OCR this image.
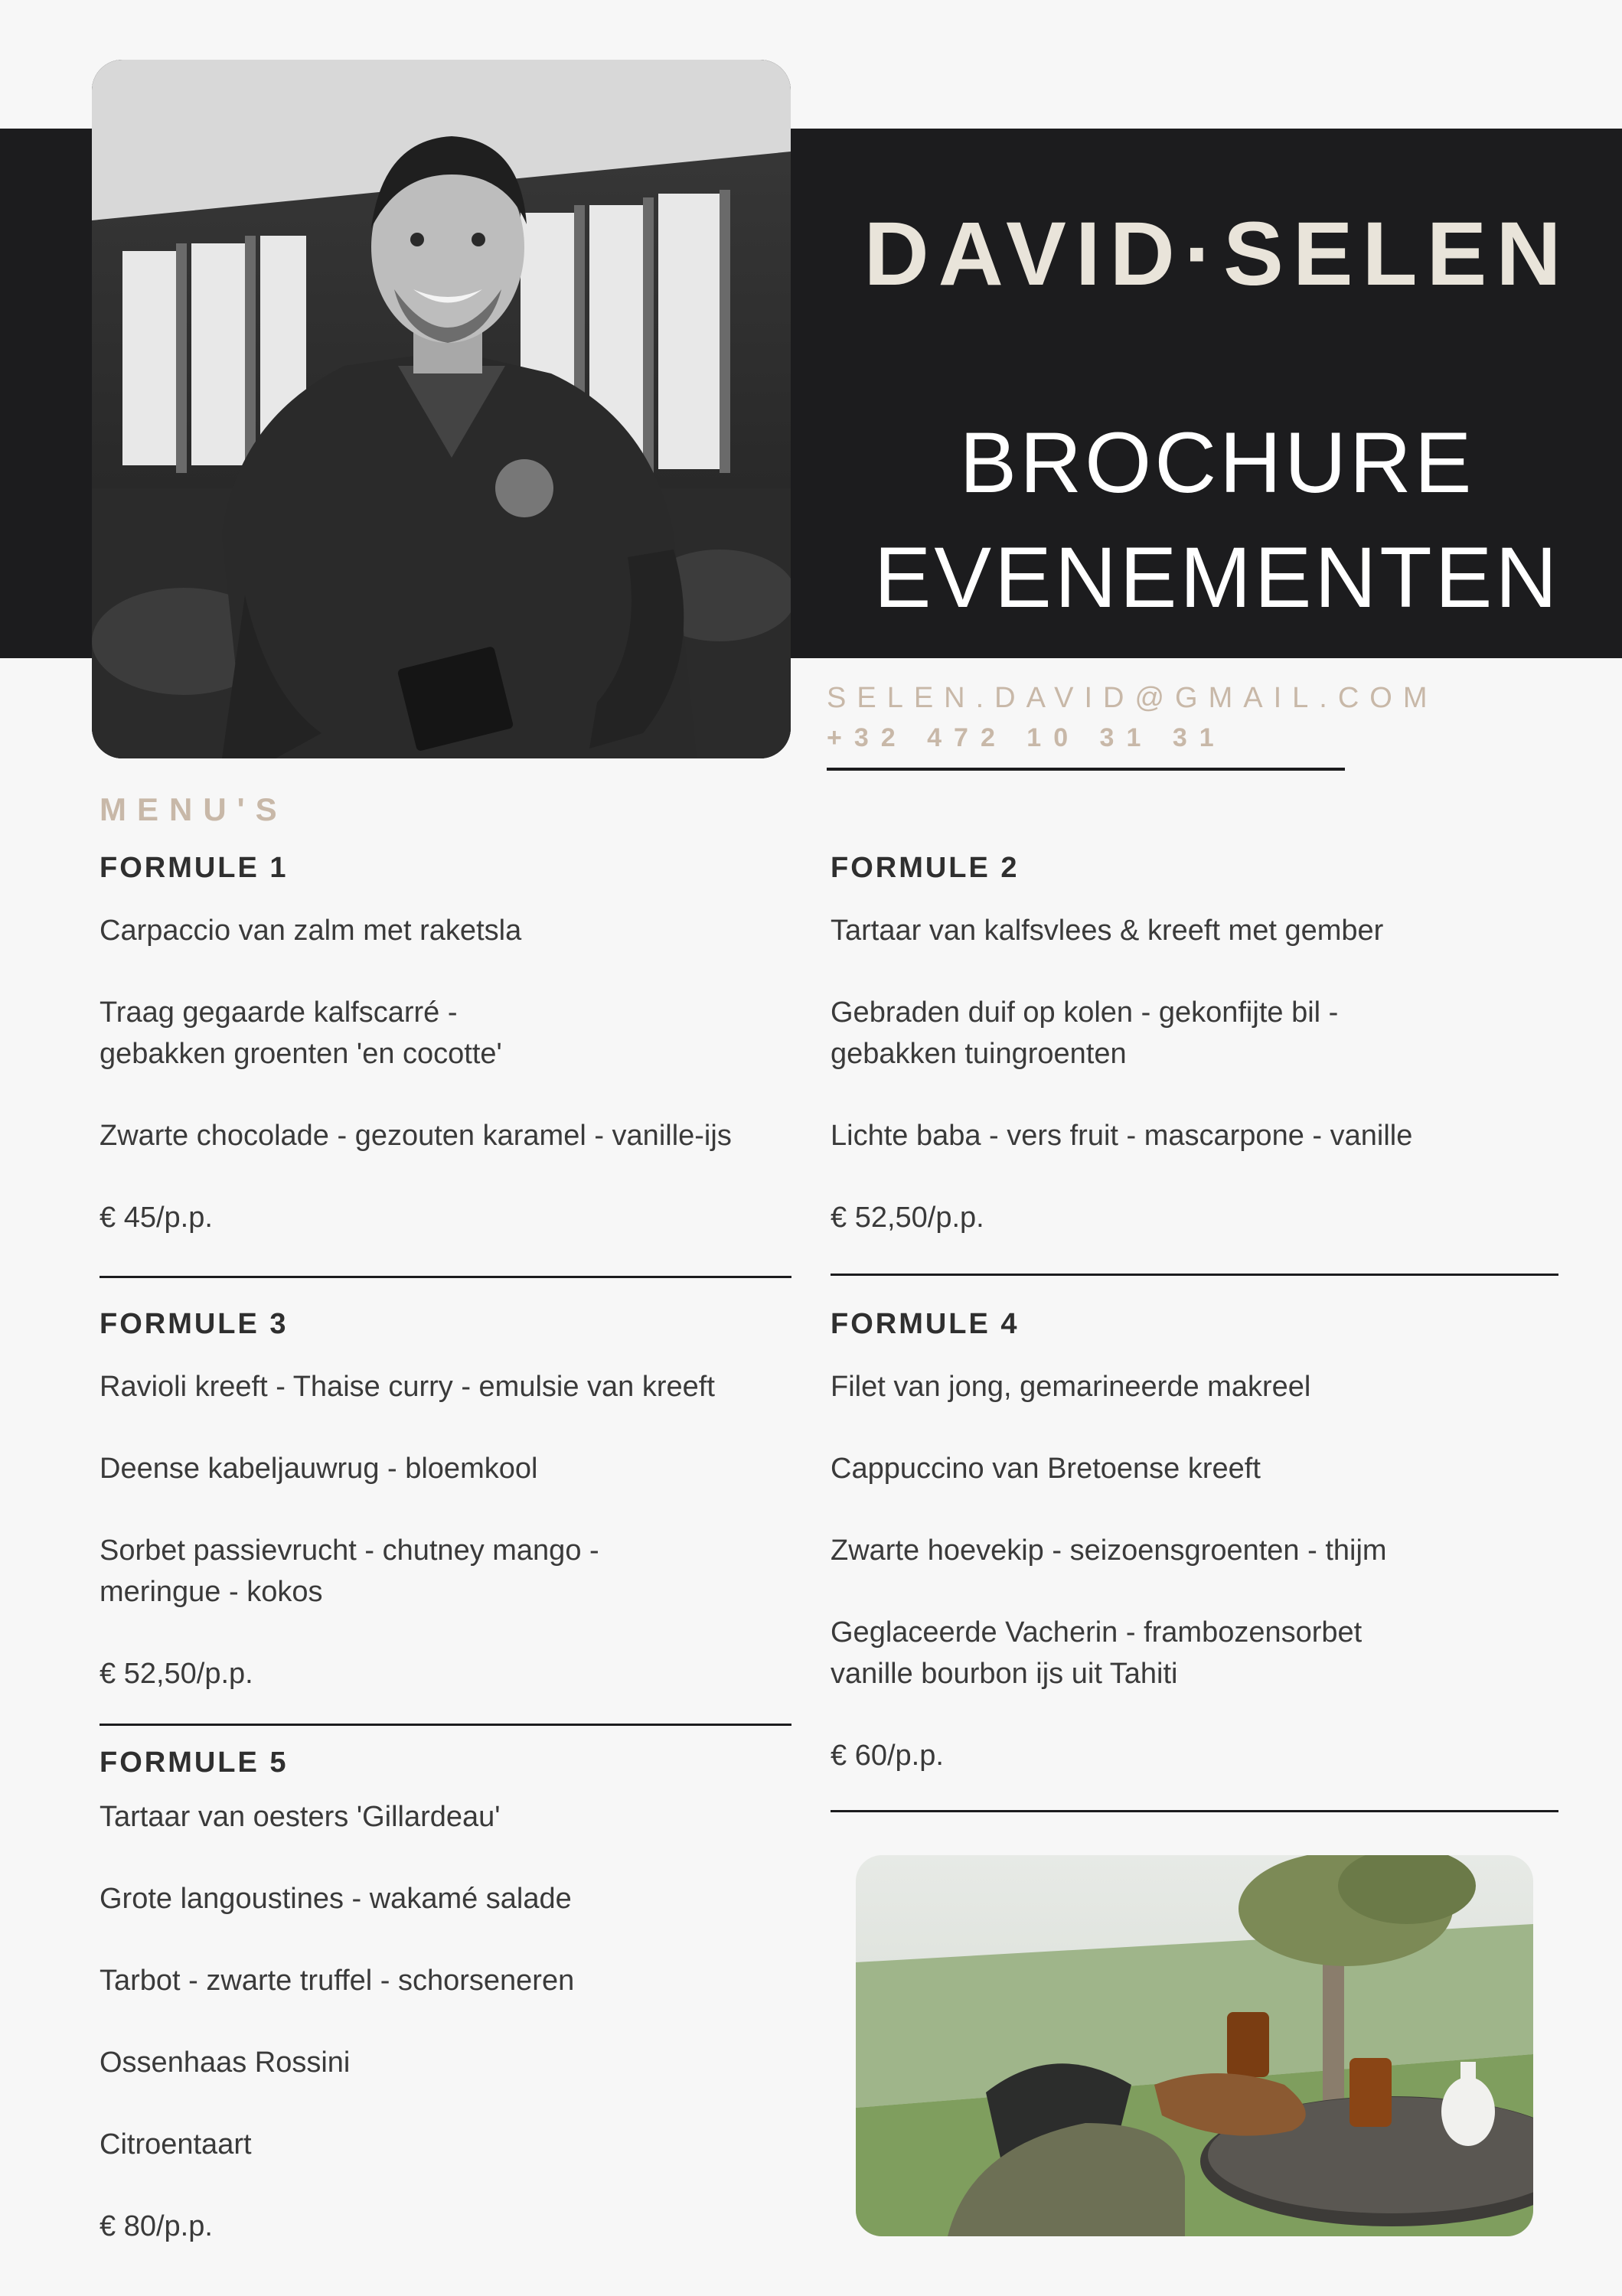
DAVID·SELEN
BROCHURE
EVENEMENTEN
SELEN.DAVID@GMAIL.COM
+32 472 10 31 31
MENU'S
FORMULE 1
Carpaccio van zalm met raketsla
Traag gegaarde kalfscarré -
gebakken groenten 'en cocotte'
Zwarte chocolade - gezouten karamel - vanille-ijs
€ 45/p.p.
FORMULE 2
Tartaar van kalfsvlees & kreeft met gember
Gebraden duif op kolen - gekonfijte bil -
gebakken tuingroenten
Lichte baba - vers fruit - mascarpone - vanille
€ 52,50/p.p.
FORMULE 3
Ravioli kreeft - Thaise curry - emulsie van kreeft
Deense kabeljauwrug - bloemkool
Sorbet passievrucht - chutney mango -
meringue - kokos
€ 52,50/p.p.
FORMULE 4
Filet van jong, gemarineerde makreel
Cappuccino van Bretoense kreeft
Zwarte hoevekip - seizoensgroenten - thijm
Geglaceerde Vacherin - frambozensorbet
vanille bourbon ijs uit Tahiti
€ 60/p.p.
FORMULE 5
Tartaar van oesters 'Gillardeau'
Grote langoustines - wakamé salade
Tarbot - zwarte truffel - schorseneren
Ossenhaas Rossini
Citroentaart
€ 80/p.p.
